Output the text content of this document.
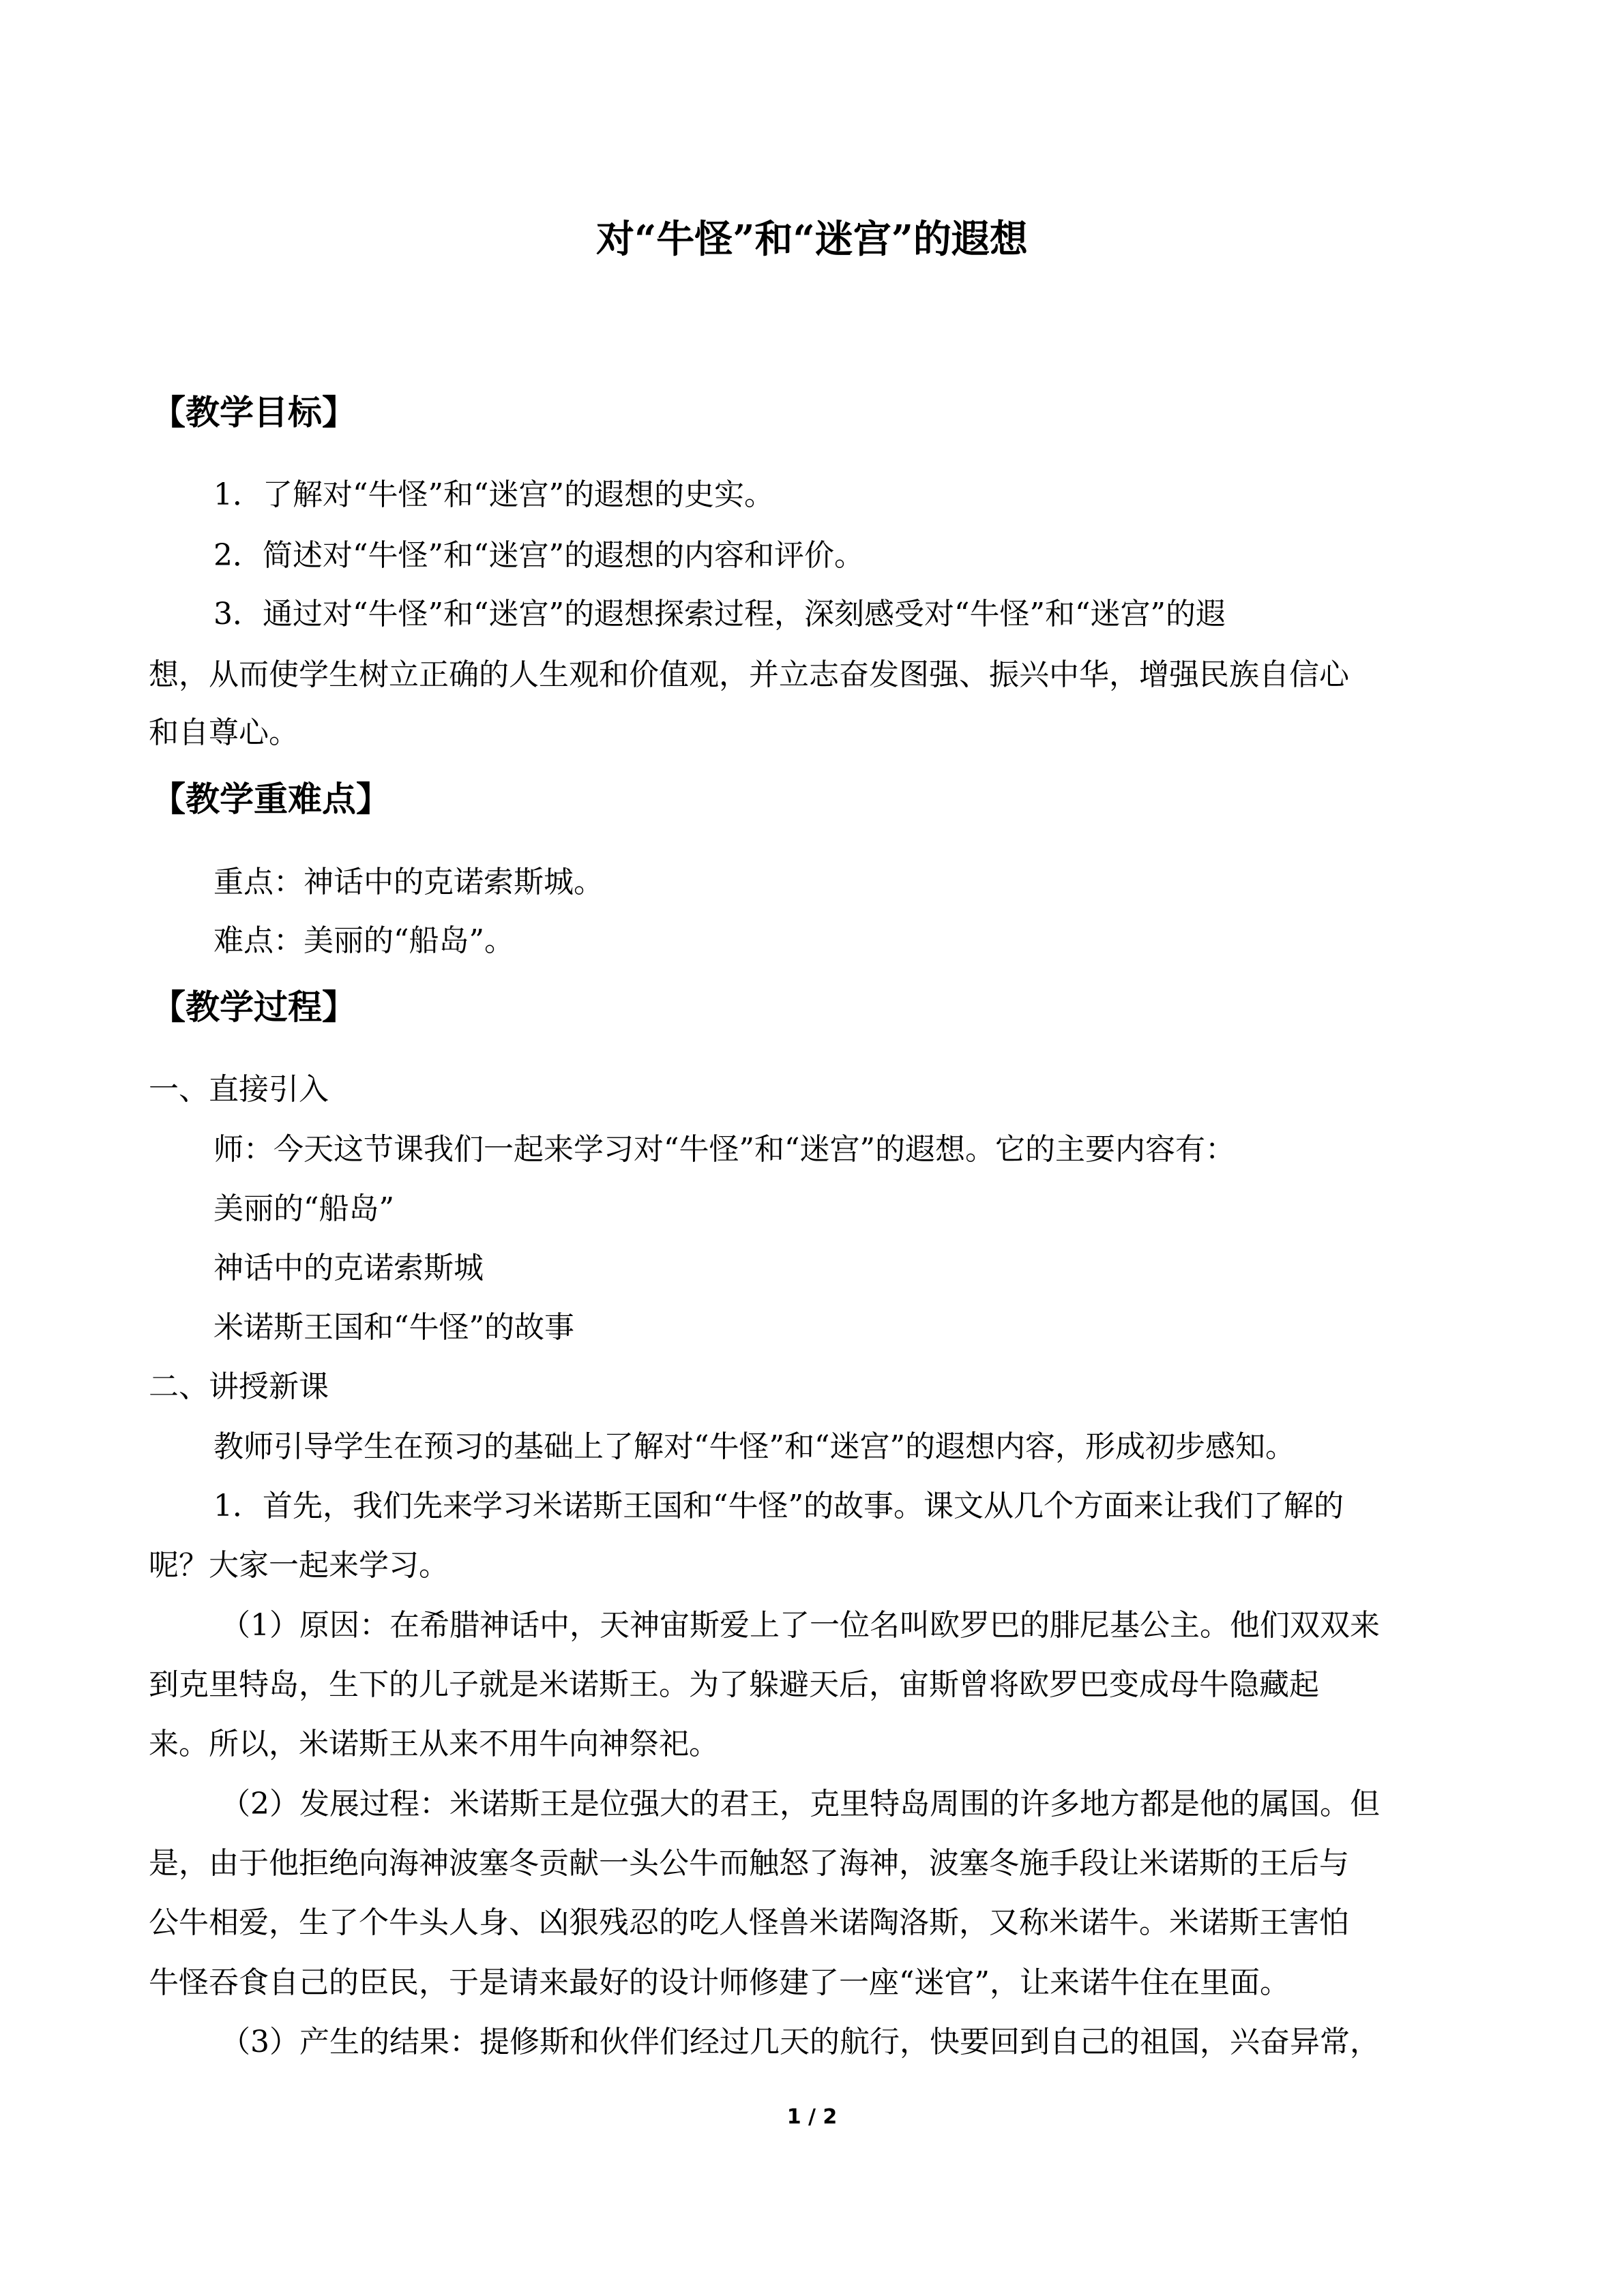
对“牛怪”和“迷宫”的遐想
【教学目标】
1．了解对“牛怪”和“迷宫”的遐想的史实。
2．简述对“牛怪”和“迷宫”的遐想的内容和评价。
3．通过对“牛怪”和“迷宫”的遐想探索过程，深刻感受对“牛怪”和“迷宫”的遐
想，从而使学生树立正确的人生观和价值观，并立志奋发图强、振兴中华，增强民族自信心
和自尊心。
【教学重难点】
重点：神话中的克诺索斯城。
难点：美丽的“船岛”。
【教学过程】
一、直接引入
师：今天这节课我们一起来学习对“牛怪”和“迷宫”的遐想。它的主要内容有：
美丽的“船岛”
神话中的克诺索斯城
米诺斯王国和“牛怪”的故事
二、讲授新课
教师引导学生在预习的基础上了解对“牛怪”和“迷宫”的遐想内容，形成初步感知。
1．首先，我们先来学习米诺斯王国和“牛怪”的故事。课文从几个方面来让我们了解的
呢？大家一起来学习。
（1）原因：在希腊神话中，天神宙斯爱上了一位名叫欧罗巴的腓尼基公主。他们双双来
到克里特岛，生下的儿子就是米诺斯王。为了躲避天后，宙斯曾将欧罗巴变成母牛隐藏起
来。所以，米诺斯王从来不用牛向神祭祀。
（2）发展过程：米诺斯王是位强大的君王，克里特岛周围的许多地方都是他的属国。但
是，由于他拒绝向海神波塞冬贡献一头公牛而触怒了海神，波塞冬施手段让米诺斯的王后与
公牛相爱，生了个牛头人身、凶狠残忍的吃人怪兽米诺陶洛斯，又称米诺牛。米诺斯王害怕
牛怪吞食自己的臣民，于是请来最好的设计师修建了一座“迷官”，让来诺牛住在里面。
（3）产生的结果：提修斯和伙伴们经过几天的航行，快要回到自己的祖国，兴奋异常，
1 / 2
